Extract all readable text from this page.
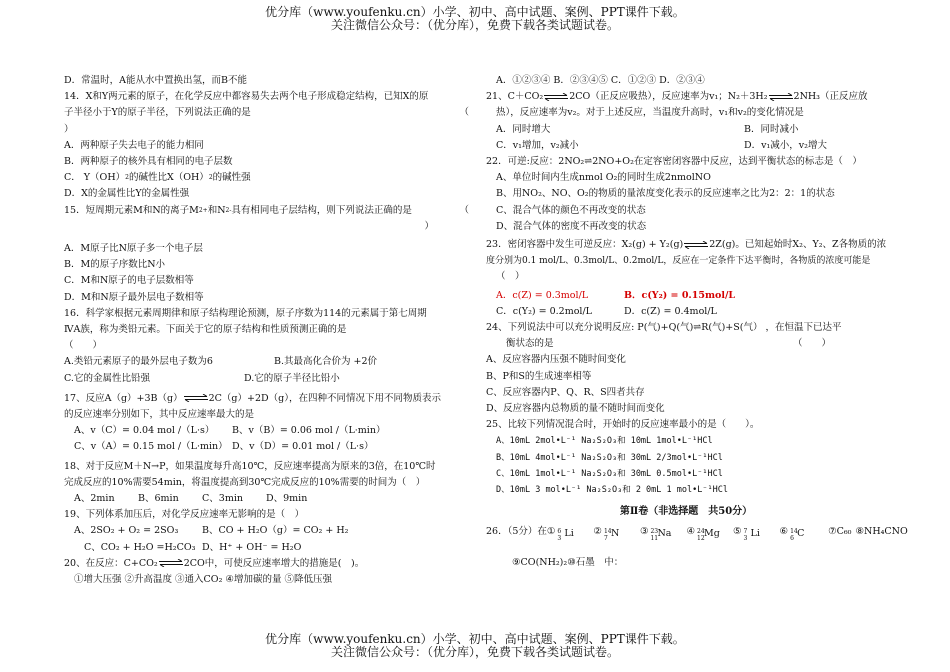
优分库（www.youfenku.cn）小学、初中、高中试题、案例、PPT课件下载。
关注微信公众号：（优分库），免费下载各类试题试卷。
D．常温时，A能从水中置换出氢，而B不能
14．X和Y两元素的原子，在化学反应中都容易失去两个电子形成稳定结构，已知X的原
子半径小于Y的原子半径，下列说法正确的是	（
）
A．两种原子失去电子的能力相同
B．两种原子的核外具有相同的电子层数
C． Y（OH）$^2$的碱性比X（OH）$^2$的碱性强
D．X的金属性比Y的金属性强
15．短周期元素M和N的离子$M^{2+}$和$N^{2-}$具有相同电子层结构，则下列说法正确的是	（
）
A．M原子比N原子多一个电子层
B．M的原子序数比N小
C．M和N原子的电子层数相等
D．M和N原子最外层电子数相等
16．科学家根据元素周期律和原子结构理论预测，原子序数为114的元素属于第七周期
ⅣA族，称为类铅元素。下面关于它的原子结构和性质预测正确的是
（　　）
A.类铅元素原子的最外层电子数为6	B.其最高化合价为 +2价
C.它的金属性比铅强	D.它的原子半径比铅小
17、反应A（g）+3B（g）⇌2C（g）+2D（g），在四种不同情况下用不同物质表示
的反应速率分别如下，其中反应速率最大的是
A、v（C）= 0.04 mol /（L·s）	B、v（B）= 0.06 mol /（L·min）
C、v（A）= 0.15 mol /（L·min） D、v（D）= 0.01 mol /（L·s）
18、对于反应M＋N→P，如果温度每升高10℃，反应速率提高为原来的3倍，在10℃时
完成反应的10%需要54min，将温度提高到30℃完成反应的10%需要的时间为（　）
A、2min	B、6min	C、3min	D、9min
19、下列体系加压后，对化学反应速率无影响的是（　）
A、2SO₂ + O₂ = 2SO₃	B、CO + H₂O（g）= CO₂ + H₂
C、CO₂ + H₂O =H₂CO₃ D、H⁺ + OH⁻ = H₂O
20、在反应：C+CO₂⇌2CO中，可使反应速率增大的措施是(　)。
①增大压强 ②升高温度 ③通入CO₂ ④增加碳的量 ⑤降低压强
A．①②③④ B．②③④⑤ C．①②③ D．②③④
21、C＋CO₂⇌2CO（正反应吸热），反应速率为v₁；N₂＋3H₂⇌2NH₃（正反应放
热），反应速率为v₂。对于上述反应，当温度升高时，v₁和v₂的变化情况是
A．同时增大	B．同时减小
C．v₁增加，v₂减小	D．v₁减小，v₂增大
22．可逆:反应：2NO₂⇌2NO+O₂在定容密闭容器中反应，达到平衡状态的标志是（　）
A、单位时间内生成nmol O₂的同时生成2nmolNO
B、用NO₂、NO、O₂的物质的量浓度变化表示的反应速率之比为2：2：1的状态
C、混合气体的颜色不再改变的状态
D、混合气体的密度不再改变的状态
23．密闭容器中发生可逆反应：X₂(g) + Y₂(g)⇌2Z(g)。已知起始时X₂、Y₂、Z各物质的浓
度分别为0.1 mol/L、0.3mol/L、0.2mol/L，反应在一定条件下达平衡时，各物质的浓度可能是
（　）
A．c(Z) = 0.3mol/L	B．c(Y₂) = 0.15mol/L
C．c(Y₂) = 0.2mol/L	D．c(Z) = 0.4mol/L
24、下列说法中可以充分说明反应: P(气)+Q(气)⇌R(气)+S(气） ，在恒温下已达平
衡状态的是	（　　）
A、反应容器内压强不随时间变化
B、P和S的生成速率相等
C、反应容器内P、Q、R、S四者共存
D、反应容器内总物质的量不随时间而变化
25、比较下列情况混合时，开始时的反应速率最小的是（　　）。
A、10mL 2mol•L⁻¹ Na₂S₂O₃和 10mL 1mol•L⁻¹HCl
B、10mL 4mol•L⁻¹ Na₂S₂O₃和 30mL 2/3mol•L⁻¹HCl
C、10mL 1mol•L⁻¹ Na₂S₂O₃和 30mL 0.5mol•L⁻¹HCl
D、10mL 3 mol•L⁻¹ Na₂S₂O₃和 2 0mL 1 mol•L⁻¹HCl
第Ⅱ卷（非选择题　共50分）
26．（5分）在 ① 6
3 Li ② 14
7 N ③ 23
11 Na ④ 24
12 Mg ⑤ 7
3 Li ⑥ 14
6 C ⑦C₆₀ ⑧NH₄CNO
⑨CO(NH₂)₂⑩石墨　中：
优分库（www.youfenku.cn）小学、初中、高中试题、案例、PPT课件下载。
关注微信公众号：（优分库），免费下载各类试题试卷。
